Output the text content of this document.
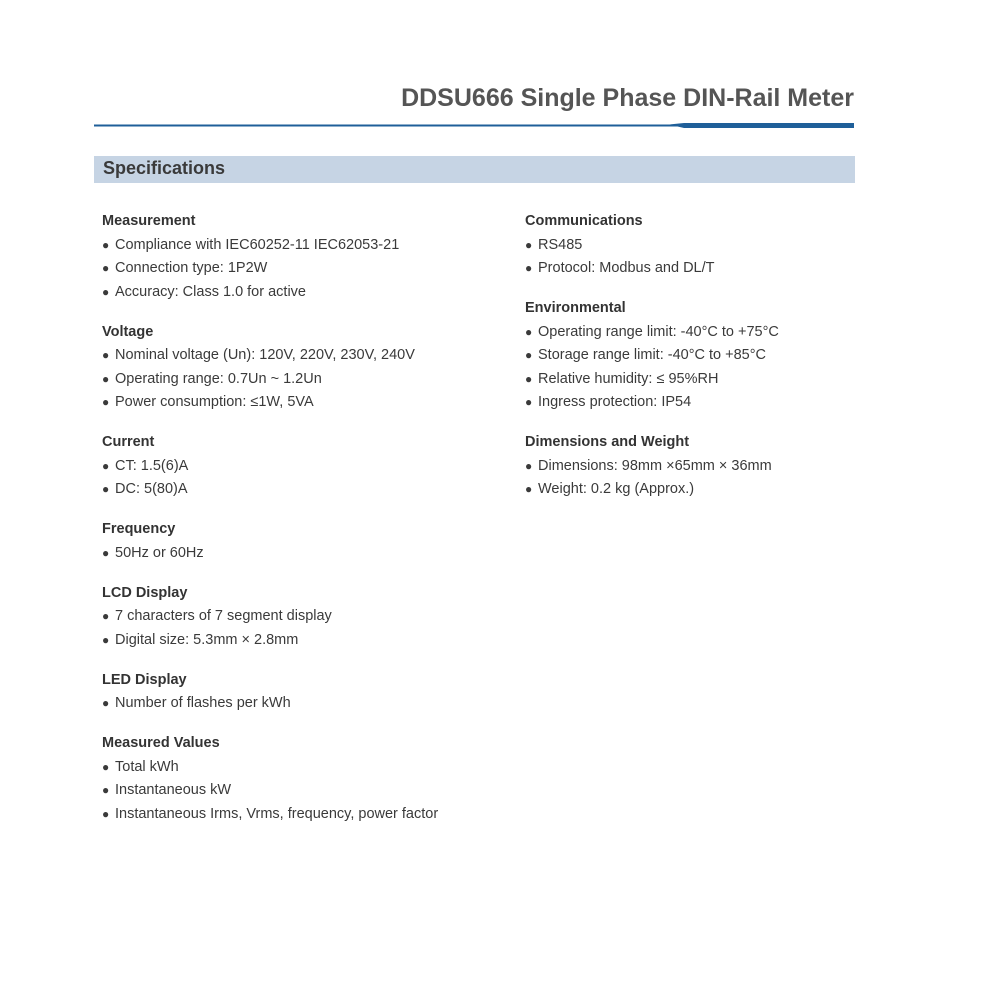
DDSU666 Single Phase DIN-Rail Meter
Specifications
Measurement
● Compliance with IEC60252-11 IEC62053-21
● Connection type: 1P2W
● Accuracy: Class 1.0 for active
Voltage
● Nominal voltage (Un): 120V, 220V, 230V, 240V
● Operating range: 0.7Un ~ 1.2Un
● Power consumption: ≤1W, 5VA
Current
● CT: 1.5(6)A
● DC: 5(80)A
Frequency
● 50Hz or 60Hz
LCD Display
● 7 characters of 7 segment display
● Digital size: 5.3mm × 2.8mm
LED Display
● Number of flashes per kWh
Measured Values
● Total kWh
● Instantaneous kW
● Instantaneous Irms, Vrms, frequency, power factor
Communications
● RS485
● Protocol: Modbus and DL/T
Environmental
● Operating range limit: -40°C to +75°C
● Storage range limit: -40°C to +85°C
● Relative humidity: ≤ 95%RH
● Ingress protection: IP54
Dimensions and Weight
● Dimensions: 98mm ×65mm × 36mm
● Weight: 0.2 kg (Approx.)
